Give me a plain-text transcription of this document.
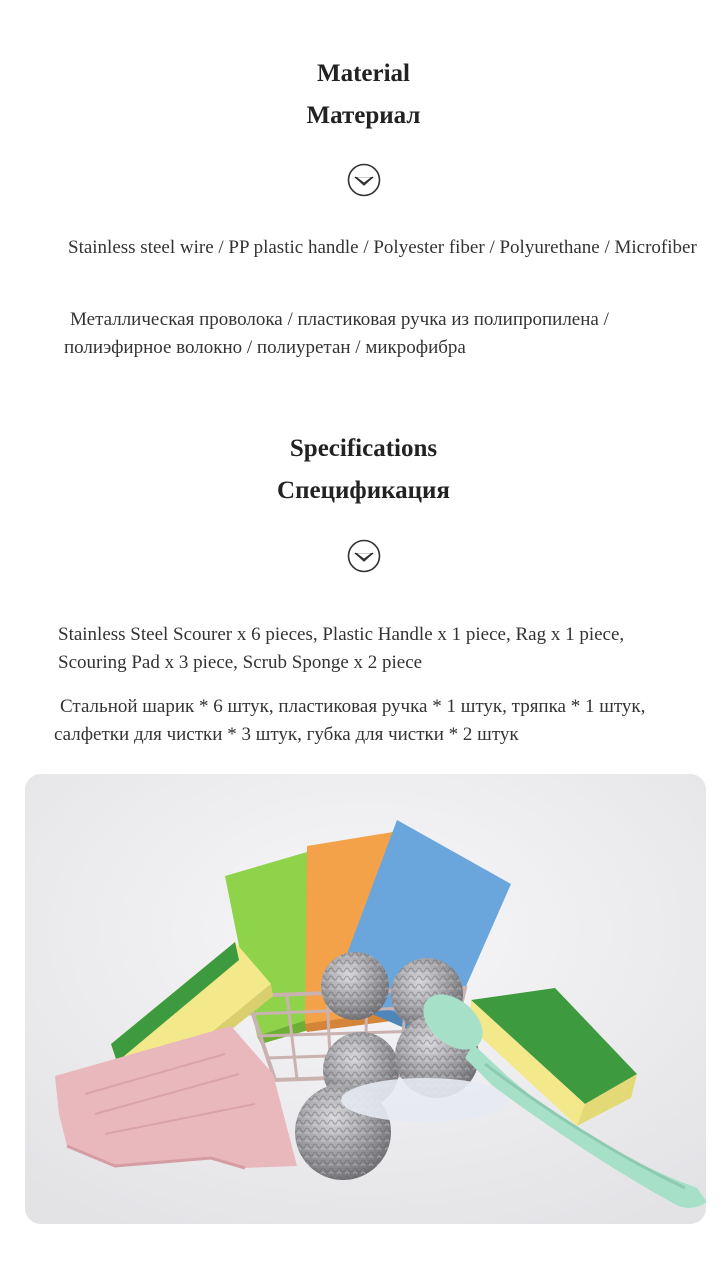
Material
Материал
Stainless steel wire / PP plastic handle / Polyester fiber / Polyurethane / Microfiber
Металлическая проволока / пластиковая ручка из полипропилена / полиэфирное волокно / полиуретан / микрофибра
Specifications
Спецификация
Stainless Steel Scourer x 6 pieces, Plastic Handle x 1 piece, Rag x 1 piece, Scouring Pad x 3 piece, Scrub Sponge x 2 piece
Стальной шарик * 6 штук, пластиковая ручка * 1 штук, тряпка * 1 штук, салфетки для чистки * 3 штук, губка для чистки * 2 штук
